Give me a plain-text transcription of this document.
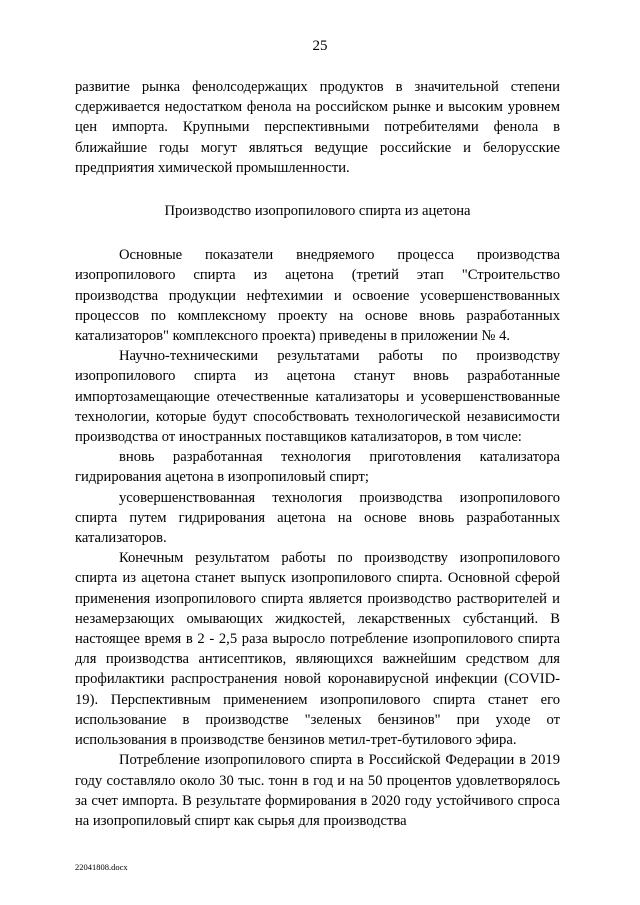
25

развитие рынка фенолсодержащих продуктов в значительной степени сдерживается недостатком фенола на российском рынке и высоким уровнем цен импорта. Крупными перспективными потребителями фенола в ближайшие годы могут являться ведущие российские и белорусские предприятия химической промышленности.

Производство изопропилового спирта из ацетона

Основные показатели внедряемого процесса производства изопропилового спирта из ацетона (третий этап "Строительство производства продукции нефтехимии и освоение усовершенствованных процессов по комплексному проекту на основе вновь разработанных катализаторов" комплексного проекта) приведены в приложении № 4.

Научно-техническими результатами работы по производству изопропилового спирта из ацетона станут вновь разработанные импортозамещающие отечественные катализаторы и усовершенствованные технологии, которые будут способствовать технологической независимости производства от иностранных поставщиков катализаторов, в том числе:

вновь разработанная технология приготовления катализатора гидрирования ацетона в изопропиловый спирт;

усовершенствованная технология производства изопропилового спирта путем гидрирования ацетона на основе вновь разработанных катализаторов.

Конечным результатом работы по производству изопропилового спирта из ацетона станет выпуск изопропилового спирта. Основной сферой применения изопропилового спирта является производство растворителей и незамерзающих омывающих жидкостей, лекарственных субстанций. В настоящее время в 2 - 2,5 раза выросло потребление изопропилового спирта для производства антисептиков, являющихся важнейшим средством для профилактики распространения новой коронавирусной инфекции (COVID-19). Перспективным применением изопропилового спирта станет его использование в производстве "зеленых бензинов" при уходе от использования в производстве бензинов метил-трет-бутилового эфира.

Потребление изопропилового спирта в Российской Федерации в 2019 году составляло около 30 тыс. тонн в год и на 50 процентов удовлетворялось за счет импорта. В результате формирования в 2020 году устойчивого спроса на изопропиловый спирт как сырья для производства

22041808.docx
